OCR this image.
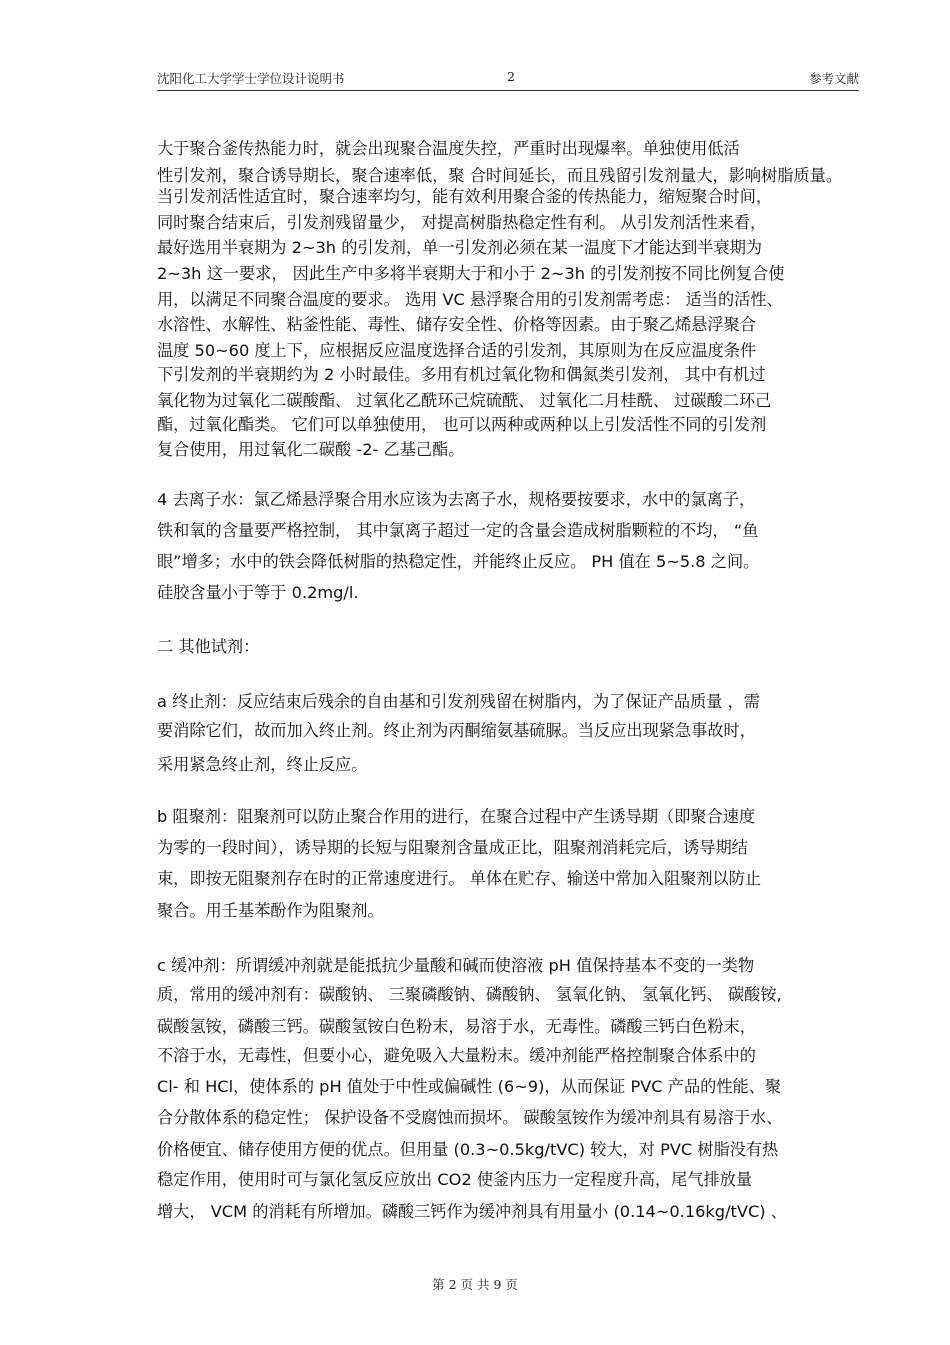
沈阳化工大学学士学位设计说明书	2	参考文献
大于聚合釜传热能力时，就会出现聚合温度失控，严重时出现爆率。单独使用低活
性引发剂，聚合诱导期长，聚合速率低，聚 合时间延长，而且残留引发剂量大，影响树脂质量。
当引发剂活性适宜时，聚合速率均匀，能有效利用聚合釜的传热能力，缩短聚合时间，
同时聚合结束后，引发剂残留量少， 对提高树脂热稳定性有利。 从引发剂活性来看，
最好选用半衰期为 2~3h 的引发剂，单一引发剂必须在某一温度下才能达到半衰期为
2~3h 这一要求， 因此生产中多将半衰期大于和小于 2~3h 的引发剂按不同比例复合使
用，以满足不同聚合温度的要求。 选用 VC 悬浮聚合用的引发剂需考虑： 适当的活性、
水溶性、水解性、粘釜性能、毒性、储存安全性、价格等因素。由于聚乙烯悬浮聚合
温度 50~60 度上下，应根据反应温度选择合适的引发剂，其原则为在反应温度条件
下引发剂的半衰期约为 2 小时最佳。多用有机过氧化物和偶氮类引发剂， 其中有机过
氧化物为过氧化二碳酸酯、 过氧化乙酰环己烷硫酰、 过氧化二月桂酰、 过碳酸二环己
酯，过氧化酯类。 它们可以单独使用， 也可以两种或两种以上引发活性不同的引发剂
复合使用，用过氧化二碳酸 -2- 乙基己酯。
4 去离子水：氯乙烯悬浮聚合用水应该为去离子水，规格要按要求，水中的氯离子，
铁和氧的含量要严格控制， 其中氯离子超过一定的含量会造成树脂颗粒的不均， “鱼
眼”增多；水中的铁会降低树脂的热稳定性，并能终止反应。 PH 值在 5~5.8 之间。
硅胶含量小于等于 0.2mg/l.
二 其他试剂：
a 终止剂：反应结束后残余的自由基和引发剂残留在树脂内，为了保证产品质量 ，需
要消除它们，故而加入终止剂。终止剂为丙酮缩氨基硫脲。当反应出现紧急事故时，
采用紧急终止剂，终止反应。
b 阻聚剂：阻聚剂可以防止聚合作用的进行，在聚合过程中产生诱导期（即聚合速度
为零的一段时间），诱导期的长短与阻聚剂含量成正比，阻聚剂消耗完后，诱导期结
束，即按无阻聚剂存在时的正常速度进行。 单体在贮存、输送中常加入阻聚剂以防止
聚合。用壬基苯酚作为阻聚剂。
c 缓冲剂：所谓缓冲剂就是能抵抗少量酸和碱而使溶液 pH 值保持基本不变的一类物
质，常用的缓冲剂有：碳酸钠、 三聚磷酸钠、磷酸钠、 氢氧化钠、 氢氧化钙、 碳酸铵,
碳酸氢铵，磷酸三钙。碳酸氢铵白色粉末，易溶于水，无毒性。磷酸三钙白色粉末，
不溶于水，无毒性，但要小心，避免吸入大量粉末。缓冲剂能严格控制聚合体系中的
Cl- 和 HCl，使体系的 pH 值处于中性或偏碱性 (6~9)，从而保证 PVC 产品的性能、聚
合分散体系的稳定性； 保护设备不受腐蚀而损坏。 碳酸氢铵作为缓冲剂具有易溶于水、
价格便宜、储存使用方便的优点。但用量 (0.3~0.5kg/tVC) 较大，对 PVC 树脂没有热
稳定作用，使用时可与氯化氢反应放出 CO2 使釜内压力一定程度升高，尾气排放量
增大， VCM 的消耗有所增加。磷酸三钙作为缓冲剂具有用量小 (0.14~0.16kg/tVC) 、
第 2 页 共 9 页
